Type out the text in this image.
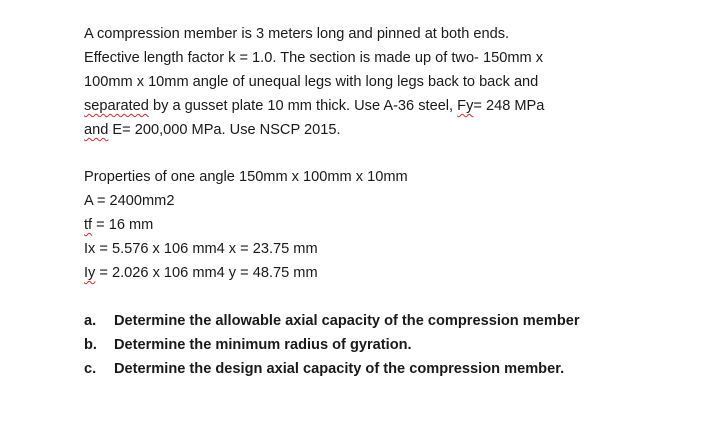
A compression member is 3 meters long and pinned at both ends.
Effective length factor k = 1.0. The section is made up of two- 150mm x
100mm x 10mm angle of unequal legs with long legs back to back and
separated by a gusset plate 10 mm thick. Use A-36 steel, Fy= 248 MPa
and E= 200,000 MPa. Use NSCP 2015.
Properties of one angle 150mm x 100mm x 10mm
A = 2400mm2
tf = 16 mm
Ix = 5.576 x 106 mm4 x = 23.75 mm
Iy = 2.026 x 106 mm4 y = 48.75 mm
a.	Determine the allowable axial capacity of the compression member
b.	Determine the minimum radius of gyration.
c.	Determine the design axial capacity of the compression member.
